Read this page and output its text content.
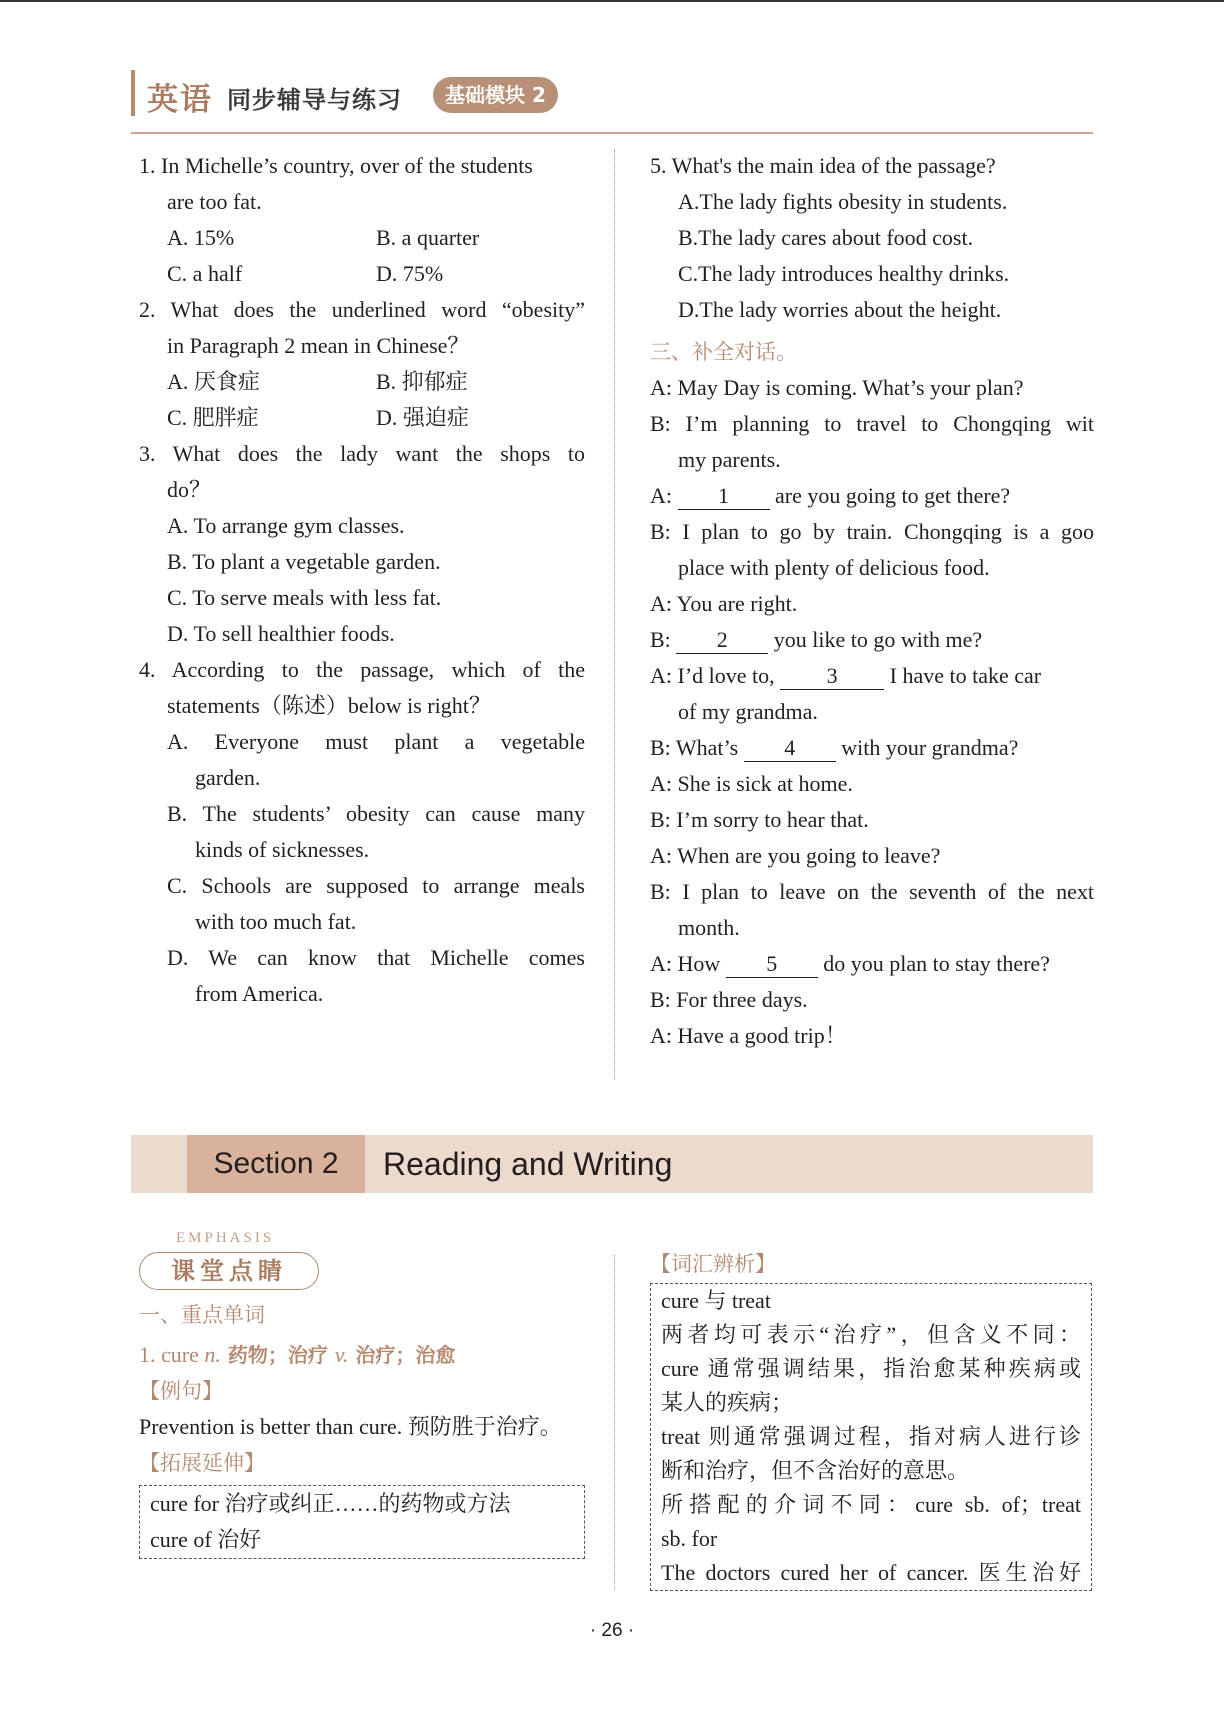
英语 同步辅导与练习	基础模块 2
1. In Michelle’s country, over of the students
are too fat.
A. 15%	B. a quarter
C. a half	D. 75%
2. What does the underlined word “obesity”
in Paragraph 2 mean in Chinese？
A. 厌食症	B. 抑郁症
C. 肥胖症	D. 强迫症
3. What does the lady want the shops to
do？
A. To arrange gym classes.
B. To plant a vegetable garden.
C. To serve meals with less fat.
D. To sell healthier foods.
4. According to the passage, which of the
statements（陈述）below is right？
A. Everyone must plant a vegetable
garden.
B. The students’ obesity can cause many
kinds of sicknesses.
C. Schools are supposed to arrange meals
with too much fat.
D. We can know that Michelle comes
from America.
5. What's the main idea of the passage?
A.The lady fights obesity in students.
B.The lady cares about food cost.
C.The lady introduces healthy drinks.
D.The lady worries about the height.
三、补全对话。
A: May Day is coming. What’s your plan?
B: I’m planning to travel to Chongqing wit
my parents.
A: 1 are you going to get there?
B: I plan to go by train. Chongqing is a goo
place with plenty of delicious food.
A: You are right.
B: 2 you like to go with me?
A: I’d love to, 3 I have to take car
of my grandma.
B: What’s 4 with your grandma?
A: She is sick at home.
B: I’m sorry to hear that.
A: When are you going to leave?
B: I plan to leave on the seventh of the next
month.
A: How 5 do you plan to stay there?
B: For three days.
A: Have a good trip！
Section 2	Reading and Writing
EMPHASIS
课堂点睛
一、重点单词
1. cure n. 药物；治疗 v. 治疗；治愈
【例句】
Prevention is better than cure. 预防胜于治疗。
【拓展延伸】
cure for 治疗或纠正……的药物或方法
cure of 治好
【词汇辨析】
cure 与 treat
两者均可表示“治疗”，但含义不同：
cure 通常强调结果，指治愈某种疾病或
某人的疾病；
treat 则通常强调过程，指对病人进行诊
断和治疗，但不含治好的意思。
所搭配的介词不同：cure sb. of；treat
sb. for
The doctors cured her of cancer. 医生治好
· 26 ·
